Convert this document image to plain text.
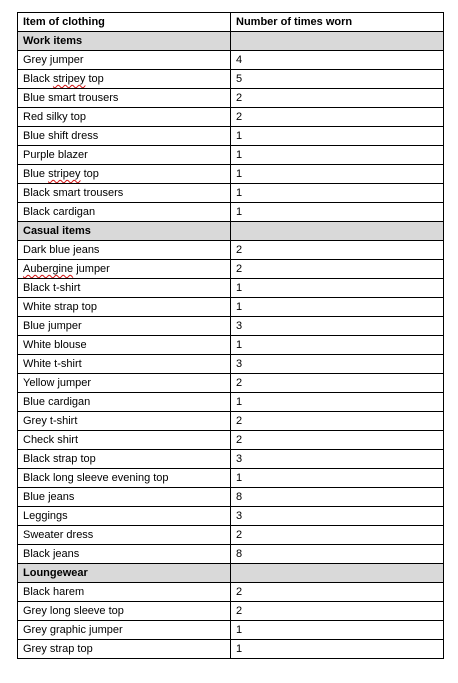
Item of clothing	Number of times worn
Work items	
Grey jumper	4
Black stripey top	5
Blue smart trousers	2
Red silky top	2
Blue shift dress	1
Purple blazer	1
Blue stripey top	1
Black smart trousers	1
Black cardigan	1
Casual items	
Dark blue jeans	2
Aubergine jumper	2
Black t-shirt	1
White strap top	1
Blue jumper	3
White blouse	1
White t-shirt	3
Yellow jumper	2
Blue cardigan	1
Grey t-shirt	2
Check shirt	2
Black strap top	3
Black long sleeve evening top	1
Blue jeans	8
Leggings	3
Sweater dress	2
Black jeans	8
Loungewear	
Black harem	2
Grey long sleeve top	2
Grey graphic jumper	1
Grey strap top	1
